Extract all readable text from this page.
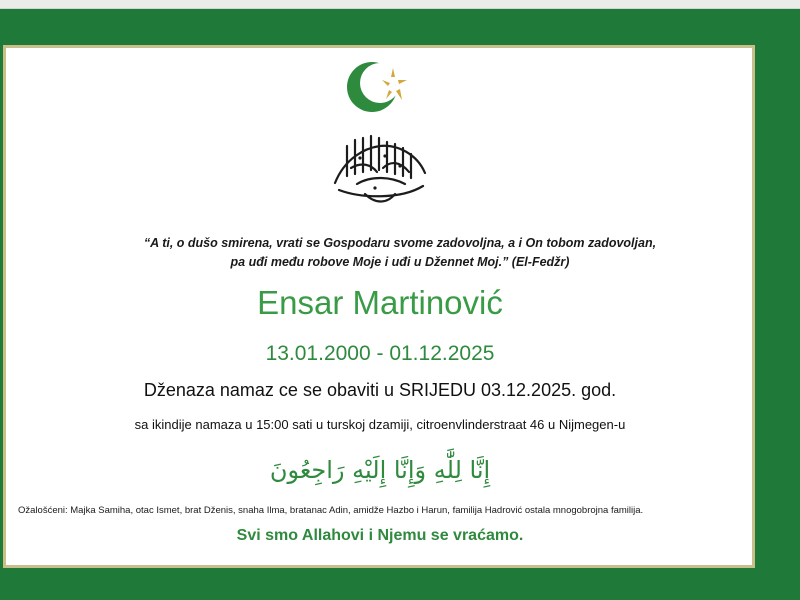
“A ti, o dušo smirena, vrati se Gospodaru svome zadovoljna, a i On tobom zadovoljan,
pa uđi među robove Moje i uđi u Džennet Moj.” (El-Fedžr)
Ensar Martinović
13.01.2000 - 01.12.2025
Dženaza namaz ce se obaviti u SRIJEDU 03.12.2025. god.
sa ikindije namaza u 15:00 sati u turskoj dzamiji, citroenvlinderstraat 46 u Nijmegen-u
إِنَّا لِلَّٰهِ وَإِنَّا إِلَيْهِ رَاجِعُونَ
Ožalošćeni: Majka Samiha, otac Ismet, brat Dženis, snaha Ilma, bratanac Adin, amidže Hazbo i Harun, familija Hadrović ostala mnogobrojna familija.
Svi smo Allahovi i Njemu se vraćamo.
